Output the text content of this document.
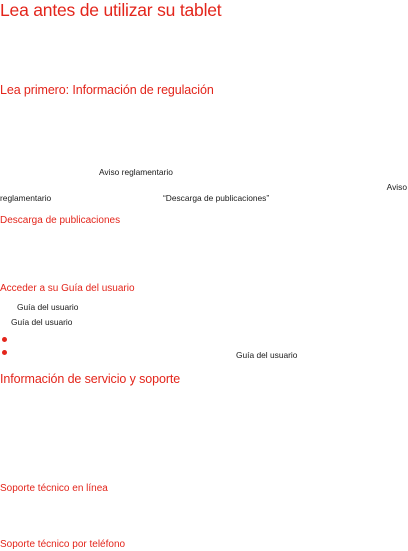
Lea antes de utilizar su tablet
Lea primero: Información de regulación
Aviso reglamentario
Aviso
reglamentario	“Descarga de publicaciones”
Descarga de publicaciones
Acceder a su Guía del usuario
Guía del usuario
Guía del usuario
Guía del usuario
Información de servicio y soporte
Soporte técnico en línea
Soporte técnico por teléfono
